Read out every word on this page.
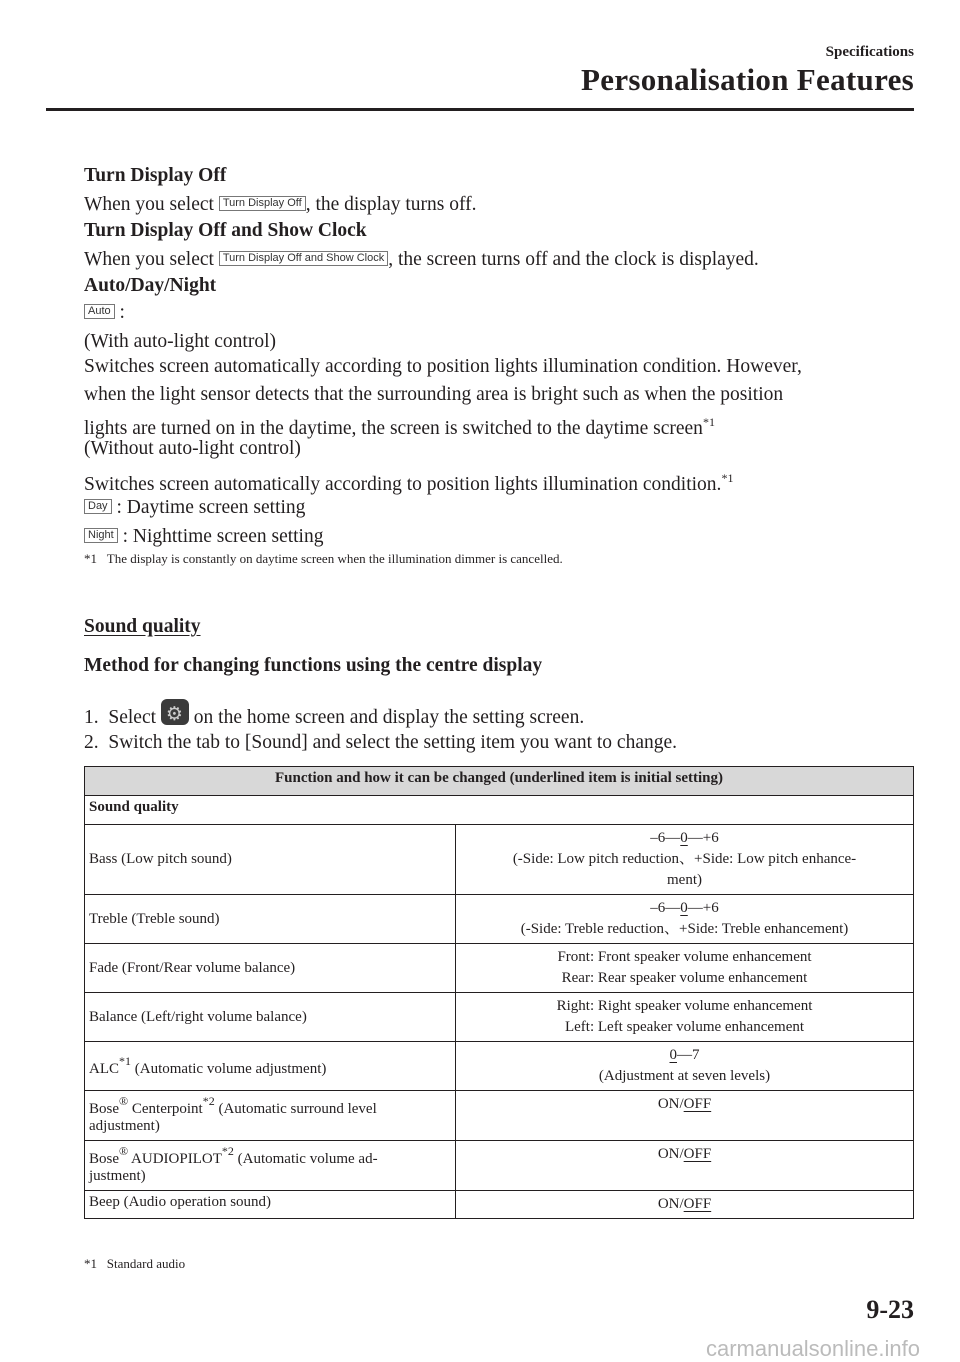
Specifications
Personalisation Features
Turn Display Off
When you select Turn Display Off , the display turns off.
Turn Display Off and Show Clock
When you select Turn Display Off and Show Clock , the screen turns off and the clock is displayed.
Auto/Day/Night
Auto :
(With auto-light control)
Switches screen automatically according to position lights illumination condition. However,
when the light sensor detects that the surrounding area is bright such as when the position
lights are turned on in the daytime, the screen is switched to the daytime screen$^{*1}$
(Without auto-light control)
Switches screen automatically according to position lights illumination condition.$^{*1}$
Day : Daytime screen setting
Night : Nighttime screen setting
*1 The display is constantly on daytime screen when the illumination dimmer is cancelled.
Sound quality
Method for changing functions using the centre display
1. Select ⚙ on the home screen and display the setting screen.
2. Switch the tab to [Sound] and select the setting item you want to change.
Function and how it can be changed (underlined item is initial setting)	
Sound quality	
Bass (Low pitch sound)	–6―0―+6
(-Side: Low pitch reduction、+Side: Low pitch enhance-
ment)
Treble (Treble sound)	–6―0―+6
(-Side: Treble reduction、+Side: Treble enhancement)
Fade (Front/Rear volume balance)	Front: Front speaker volume enhancement
Rear: Rear speaker volume enhancement
Balance (Left/right volume balance)	Right: Right speaker volume enhancement
Left: Left speaker volume enhancement
ALC$^{*1}$ (Automatic volume adjustment)	0―7
(Adjustment at seven levels)
Bose® Centerpoint$^{*2}$ (Automatic surround level
adjustment)	ON/OFF
Bose® AUDIOPILOT$^{*2}$ (Automatic volume ad-
justment)	ON/OFF
Beep (Audio operation sound)	ON/OFF
*1 Standard audio
9-23
carmanualsonline.info
